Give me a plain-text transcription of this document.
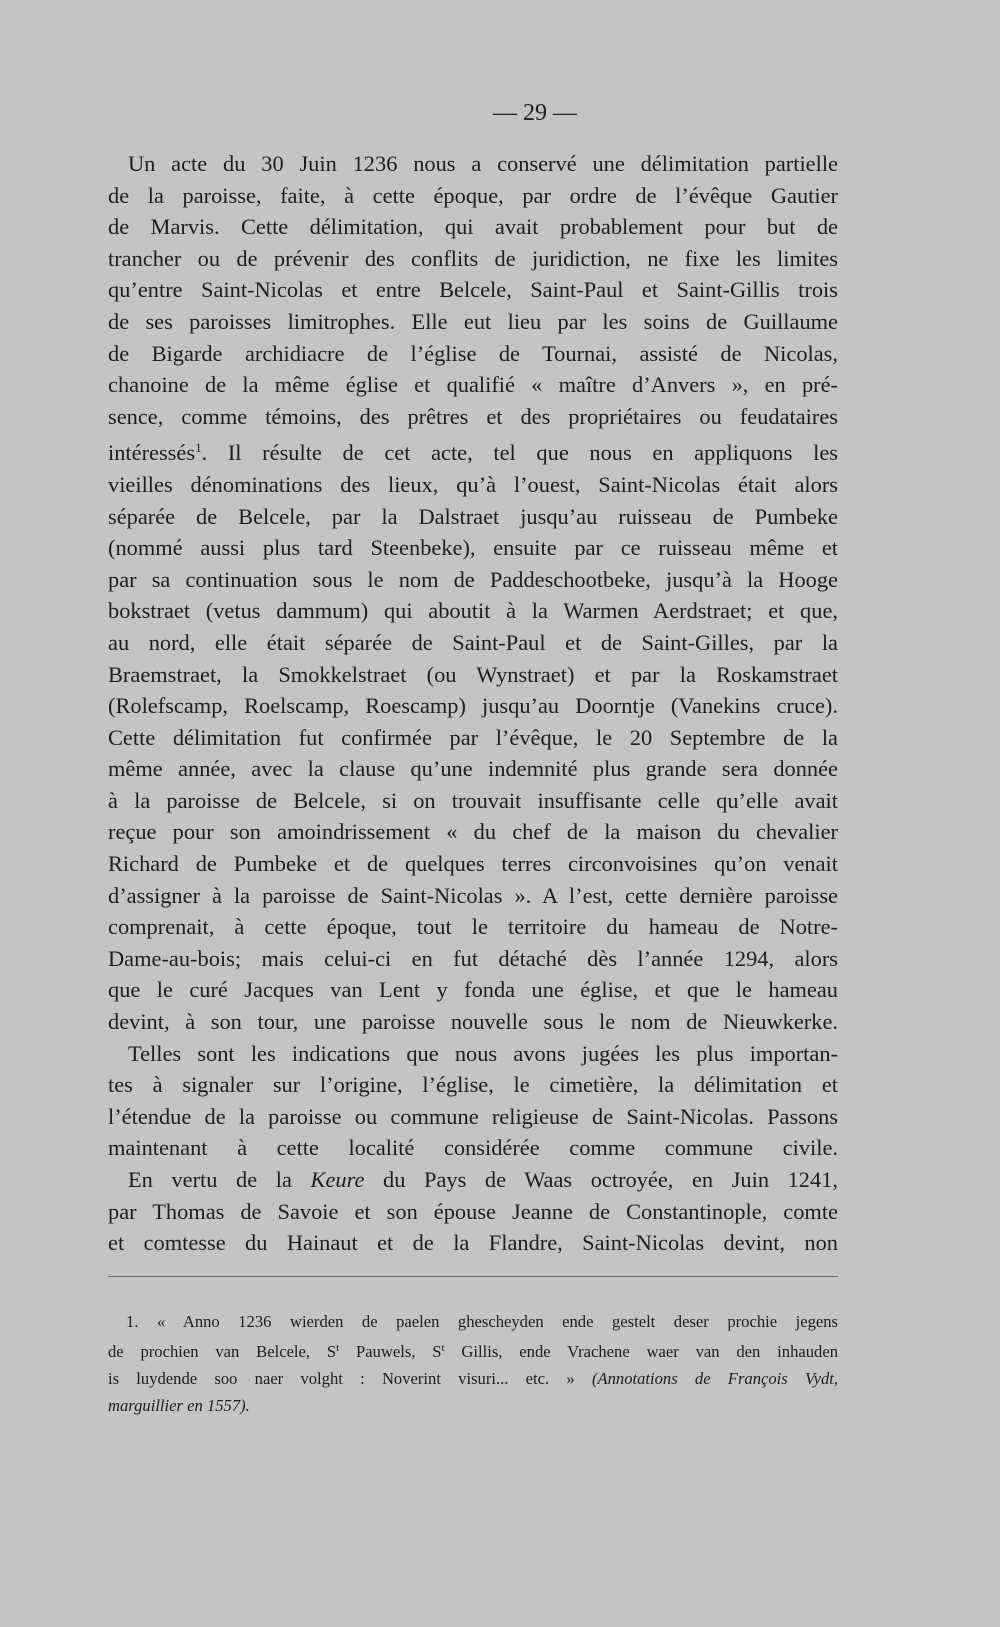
— 29 —

Un acte du 30 Juin 1236 nous a conservé une délimitation partielle

de la paroisse, faite, à cette époque, par ordre de l’évêque Gautier

de Marvis. Cette délimitation, qui avait probablement pour but de

trancher ou de prévenir des conflits de juridiction, ne fixe les limites

qu’entre Saint-Nicolas et entre Belcele, Saint-Paul et Saint-Gillis trois

de ses paroisses limitrophes. Elle eut lieu par les soins de Guillaume

de Bigarde archidiacre de l’église de Tournai, assisté de Nicolas,

chanoine de la même église et qualifié « maître d’Anvers », en pré-

sence, comme témoins, des prêtres et des propriétaires ou feudataires

intéressés$^1$. Il résulte de cet acte, tel que nous en appliquons les

vieilles dénominations des lieux, qu’à l’ouest, Saint-Nicolas était alors

séparée de Belcele, par la Dalstraet jusqu’au ruisseau de Pumbeke

(nommé aussi plus tard Steenbeke), ensuite par ce ruisseau même et

par sa continuation sous le nom de Paddeschootbeke, jusqu’à la Hooge

bokstraet (vetus dammum) qui aboutit à la Warmen Aerdstraet; et que,

au nord, elle était séparée de Saint-Paul et de Saint-Gilles, par la

Braemstraet, la Smokkelstraet (ou Wynstraet) et par la Roskamstraet

(Rolefscamp, Roelscamp, Roescamp) jusqu’au Doorntje (Vanekins cruce).

Cette délimitation fut confirmée par l’évêque, le 20 Septembre de la

même année, avec la clause qu’une indemnité plus grande sera donnée

à la paroisse de Belcele, si on trouvait insuffisante celle qu’elle avait

reçue pour son amoindrissement « du chef de la maison du chevalier

Richard de Pumbeke et de quelques terres circonvoisines qu’on venait

d’assigner à la paroisse de Saint-Nicolas ». A l’est, cette dernière paroisse

comprenait, à cette époque, tout le territoire du hameau de Notre-

Dame-au-bois; mais celui-ci en fut détaché dès l’année 1294, alors

que le curé Jacques van Lent y fonda une église, et que le hameau

devint, à son tour, une paroisse nouvelle sous le nom de Nieuwkerke.

Telles sont les indications que nous avons jugées les plus importan-

tes à signaler sur l’origine, l’église, le cimetière, la délimitation et

l’étendue de la paroisse ou commune religieuse de Saint-Nicolas. Passons

maintenant à cette localité considérée comme commune civile.

En vertu de la Keure du Pays de Waas octroyée, en Juin 1241,

par Thomas de Savoie et son épouse Jeanne de Constantinople, comte

et comtesse du Hainaut et de la Flandre, Saint-Nicolas devint, non

1. « Anno 1236 wierden de paelen ghescheyden ende gestelt deser prochie jegens

de prochien van Belcele, $S^t$ Pauwels, $S^t$ Gillis, ende Vrachene waer van den inhauden

is luydende soo naer volght : Noverint visuri... etc. » (Annotations de François Vydt,

marguillier en 1557).
